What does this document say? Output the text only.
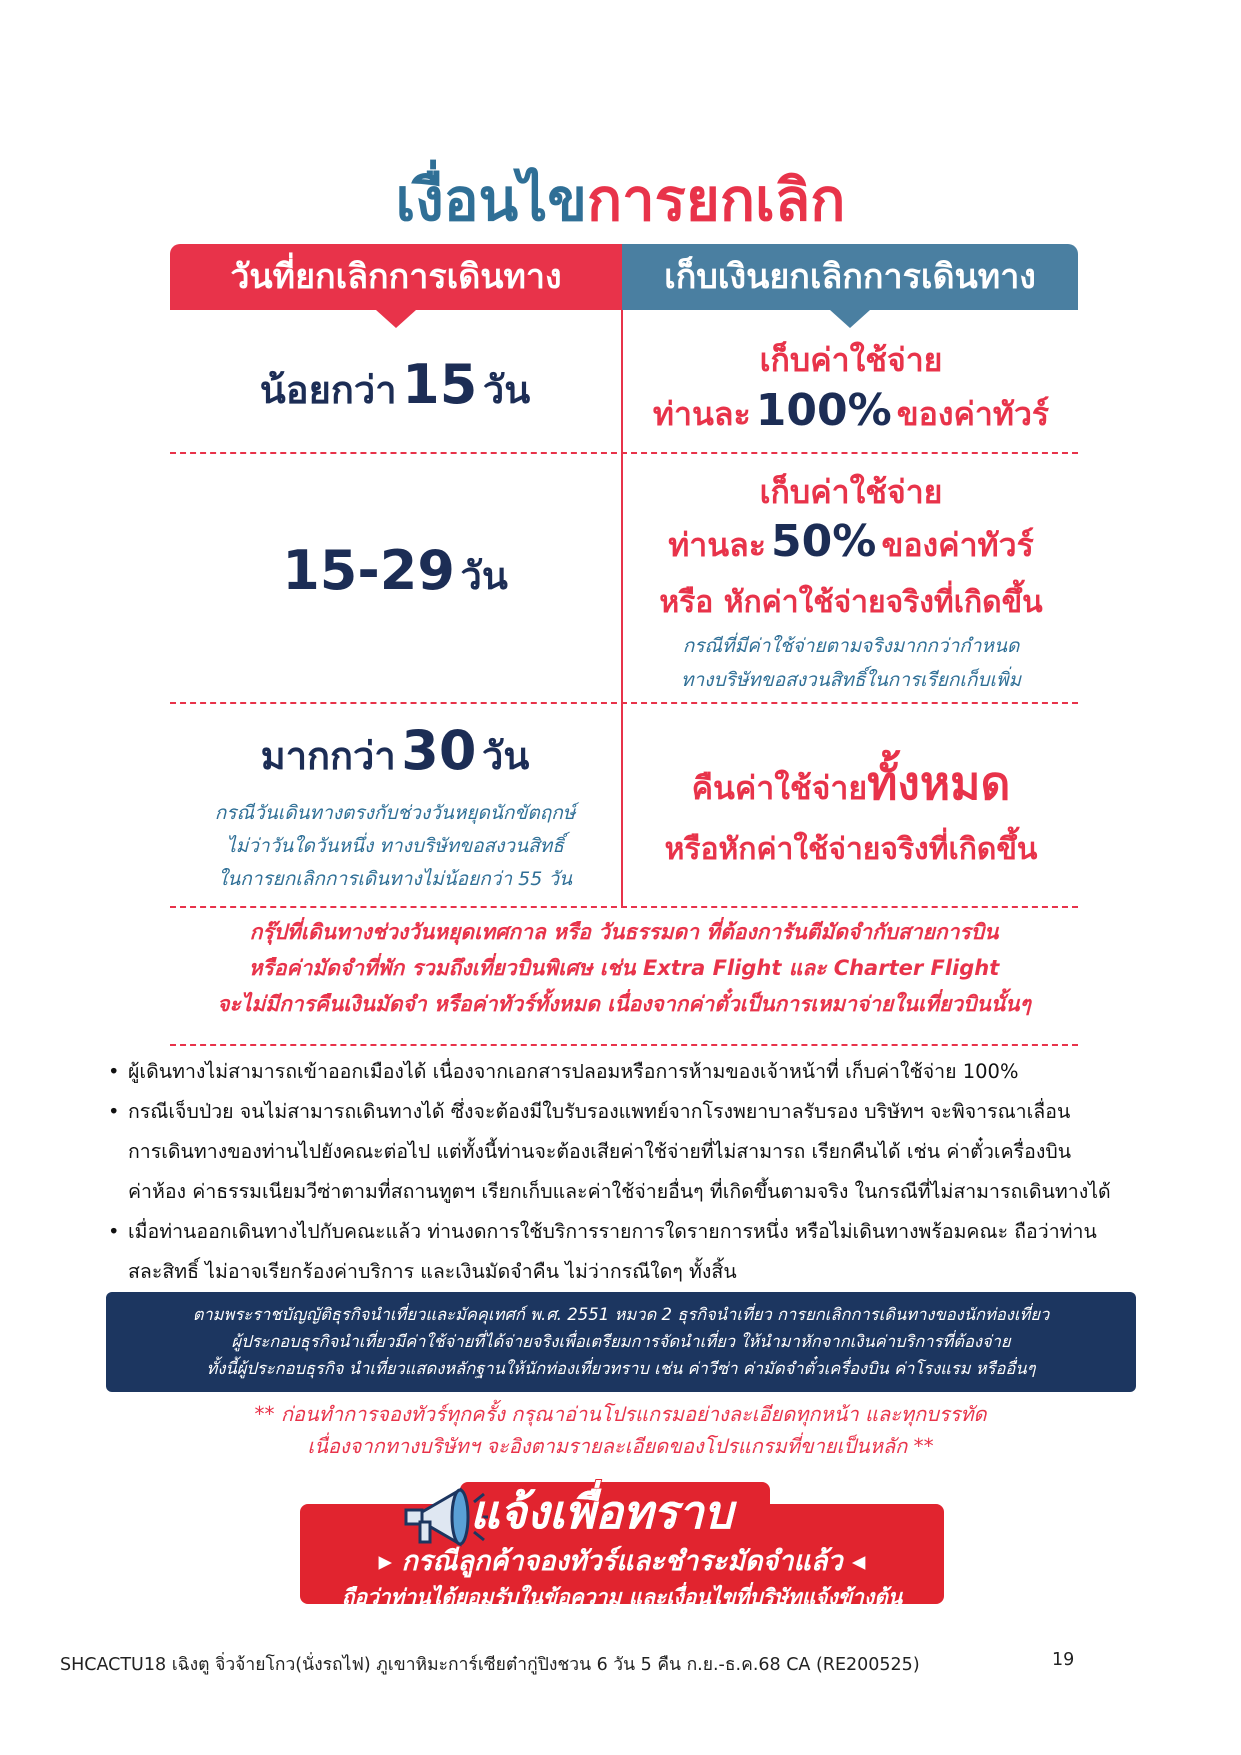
เงื่อนไขการยกเลิก
วันที่ยกเลิกการเดินทาง	เก็บเงินยกเลิกการเดินทาง
น้อยกว่า 15 วัน
เก็บค่าใช้จ่าย
ท่านละ 100% ของค่าทัวร์
15-29 วัน
เก็บค่าใช้จ่าย
ท่านละ 50% ของค่าทัวร์
หรือ หักค่าใช้จ่ายจริงที่เกิดขึ้น
กรณีที่มีค่าใช้จ่ายตามจริงมากกว่ากำหนด
ทางบริษัทขอสงวนสิทธิ์ในการเรียกเก็บเพิ่ม
มากกว่า 30 วัน
กรณีวันเดินทางตรงกับช่วงวันหยุดนักขัตฤกษ์
ไม่ว่าวันใดวันหนึ่ง ทางบริษัทขอสงวนสิทธิ์
ในการยกเลิกการเดินทางไม่น้อยกว่า 55 วัน
คืนค่าใช้จ่ายทั้งหมด
หรือหักค่าใช้จ่ายจริงที่เกิดขึ้น
กรุ๊ปที่เดินทางช่วงวันหยุดเทศกาล หรือ วันธรรมดา ที่ต้องการันตีมัดจำกับสายการบิน
หรือค่ามัดจำที่พัก รวมถึงเที่ยวบินพิเศษ เช่น Extra Flight และ Charter Flight
จะไม่มีการคืนเงินมัดจำ หรือค่าทัวร์ทั้งหมด เนื่องจากค่าตั๋วเป็นการเหมาจ่ายในเที่ยวบินนั้นๆ
• ผู้เดินทางไม่สามารถเข้าออกเมืองได้ เนื่องจากเอกสารปลอมหรือการห้ามของเจ้าหน้าที่ เก็บค่าใช้จ่าย 100%
• กรณีเจ็บป่วย จนไม่สามารถเดินทางได้ ซึ่งจะต้องมีใบรับรองแพทย์จากโรงพยาบาลรับรอง บริษัทฯ จะพิจารณาเลื่อน
การเดินทางของท่านไปยังคณะต่อไป แต่ทั้งนี้ท่านจะต้องเสียค่าใช้จ่ายที่ไม่สามารถ เรียกคืนได้ เช่น ค่าตั๋วเครื่องบิน
ค่าห้อง ค่าธรรมเนียมวีซ่าตามที่สถานทูตฯ เรียกเก็บและค่าใช้จ่ายอื่นๆ ที่เกิดขึ้นตามจริง ในกรณีที่ไม่สามารถเดินทางได้
• เมื่อท่านออกเดินทางไปกับคณะแล้ว ท่านงดการใช้บริการรายการใดรายการหนึ่ง หรือไม่เดินทางพร้อมคณะ ถือว่าท่าน
สละสิทธิ์ ไม่อาจเรียกร้องค่าบริการ และเงินมัดจำคืน ไม่ว่ากรณีใดๆ ทั้งสิ้น
ตามพระราชบัญญัติธุรกิจนำเที่ยวและมัคคุเทศก์ พ.ศ. 2551 หมวด 2 ธุรกิจนำเที่ยว การยกเลิกการเดินทางของนักท่องเที่ยว
ผู้ประกอบธุรกิจนำเที่ยวมีค่าใช้จ่ายที่ได้จ่ายจริงเพื่อเตรียมการจัดนำเที่ยว ให้นำมาหักจากเงินค่าบริการที่ต้องจ่าย
ทั้งนี้ผู้ประกอบธุรกิจ นำเที่ยวแสดงหลักฐานให้นักท่องเที่ยวทราบ เช่น ค่าวีซ่า ค่ามัดจำตั๋วเครื่องบิน ค่าโรงแรม หรืออื่นๆ
** ก่อนทำการจองทัวร์ทุกครั้ง กรุณาอ่านโปรแกรมอย่างละเอียดทุกหน้า และทุกบรรทัด
เนื่องจากทางบริษัทฯ จะอิงตามรายละเอียดของโปรแกรมที่ขายเป็นหลัก **
▸ กรณีลูกค้าจองทัวร์และชำระมัดจำแล้ว ◂
ถือว่าท่านได้ยอมรับในข้อความ และเงื่อนไขที่บริษัทแจ้งข้างต้น
แจ้งเพื่อทราบ
SHCACTU18 เฉิงตู จิ่วจ้ายโกว(นั่งรถไฟ) ภูเขาหิมะการ์เซียต๋ากู่ปิงชวน 6 วัน 5 คืน ก.ย.-ธ.ค.68 CA (RE200525)	19
